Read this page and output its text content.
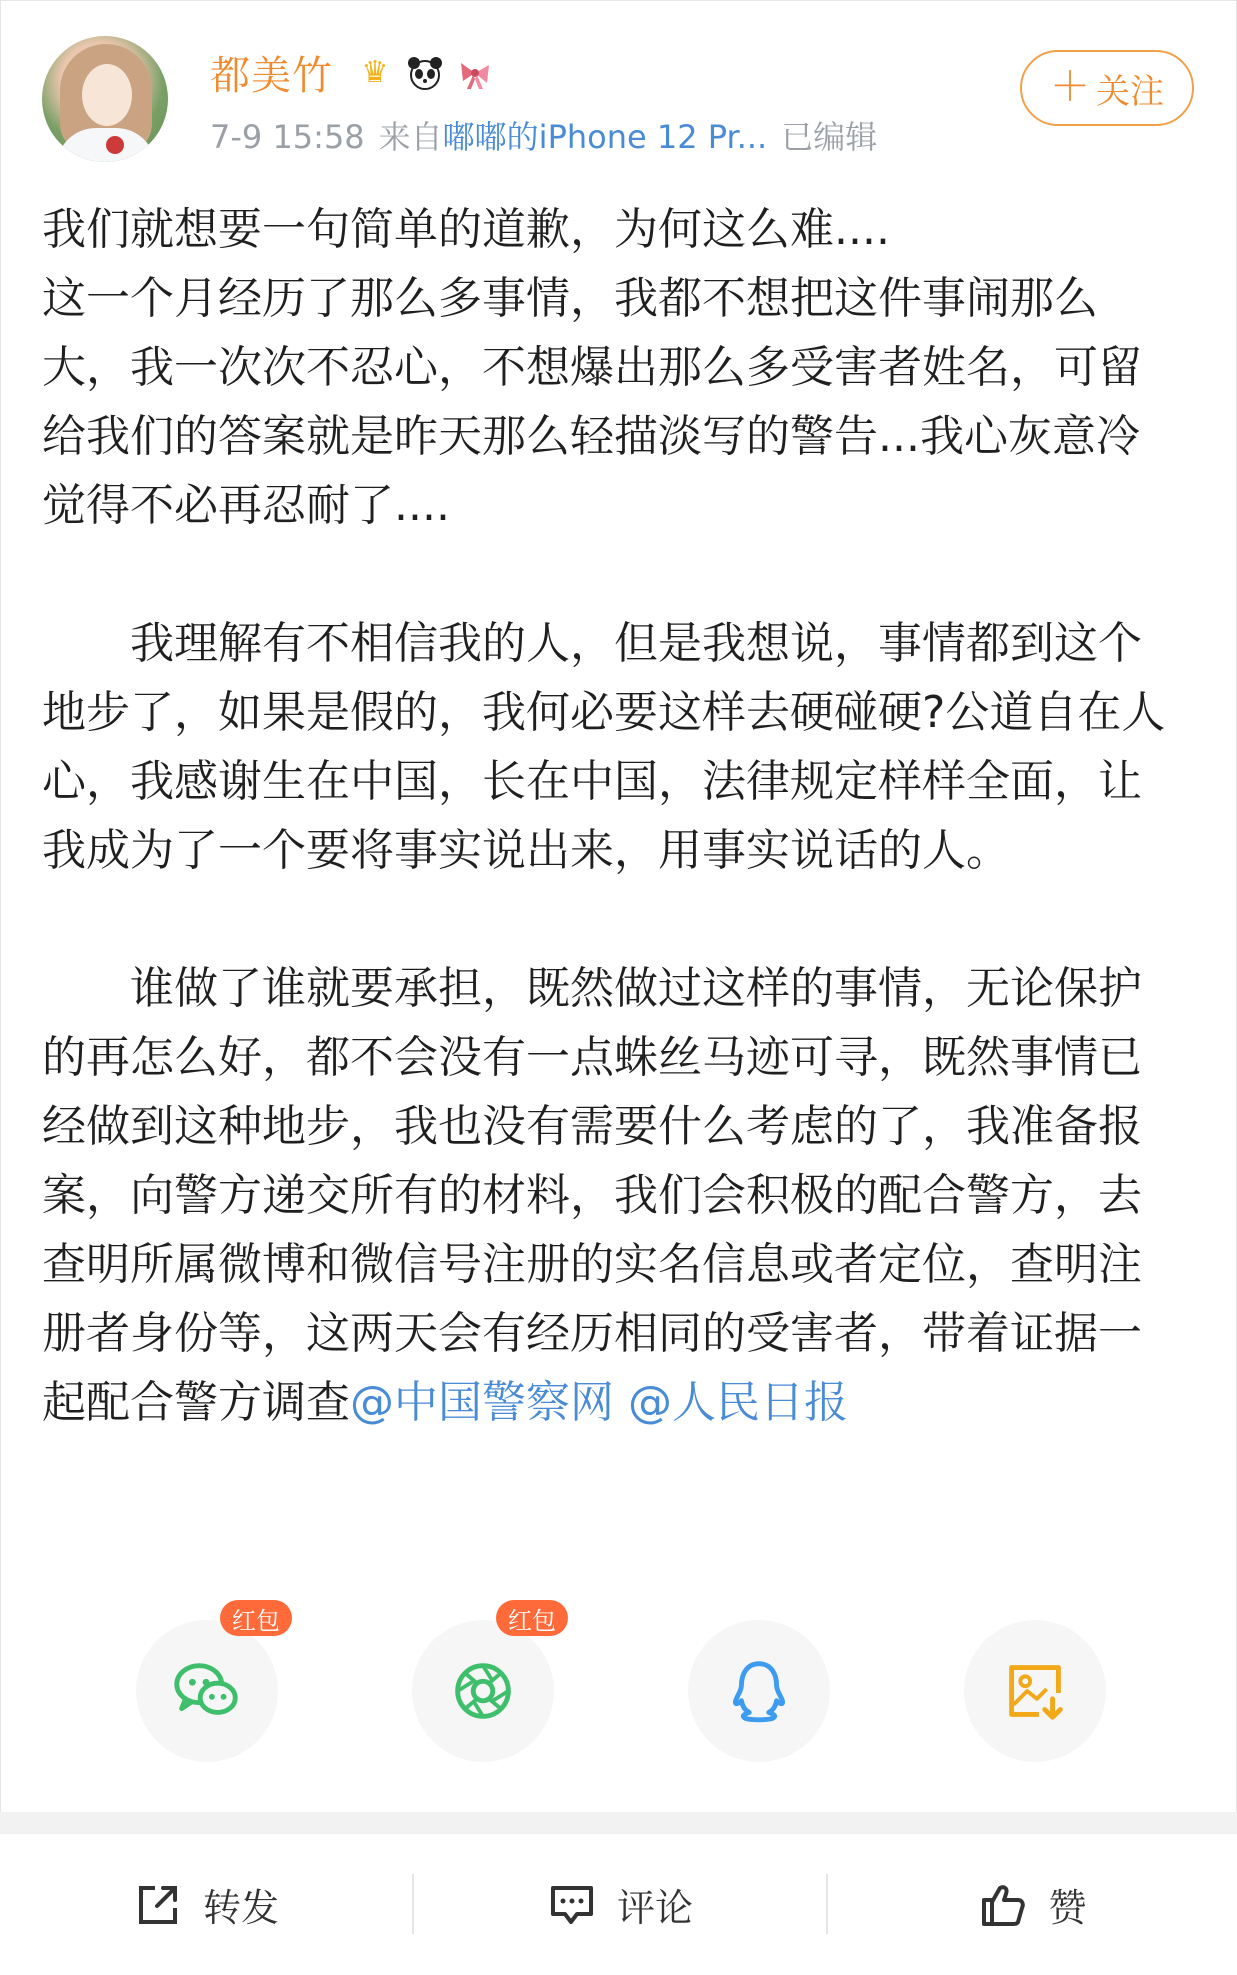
都美竹 ♛
7-9 15:58 来自嘟嘟的iPhone 12 Pr... 已编辑
＋ 关注

我们就想要一句简单的道歉，为何这么难....

这一个月经历了那么多事情，我都不想把这件事闹那么大，我一次次不忍心，不想爆出那么多受害者姓名，可留给我们的答案就是昨天那么轻描淡写的警告...我心灰意冷觉得不必再忍耐了....

我理解有不相信我的人，但是我想说，事情都到这个地步了，如果是假的，我何必要这样去硬碰硬?公道自在人心，我感谢生在中国，长在中国，法律规定样样全面，让我成为了一个要将事实说出来，用事实说话的人。

谁做了谁就要承担，既然做过这样的事情，无论保护的再怎么好，都不会没有一点蛛丝马迹可寻，既然事情已经做到这种地步，我也没有需要什么考虑的了，我准备报案，向警方递交所有的材料，我们会积极的配合警方，去查明所属微博和微信号注册的实名信息或者定位，查明注册者身份等，这两天会有经历相同的受害者，带着证据一起配合警方调查@中国警察网 @人民日报

红包	红包
转发	评论	赞
